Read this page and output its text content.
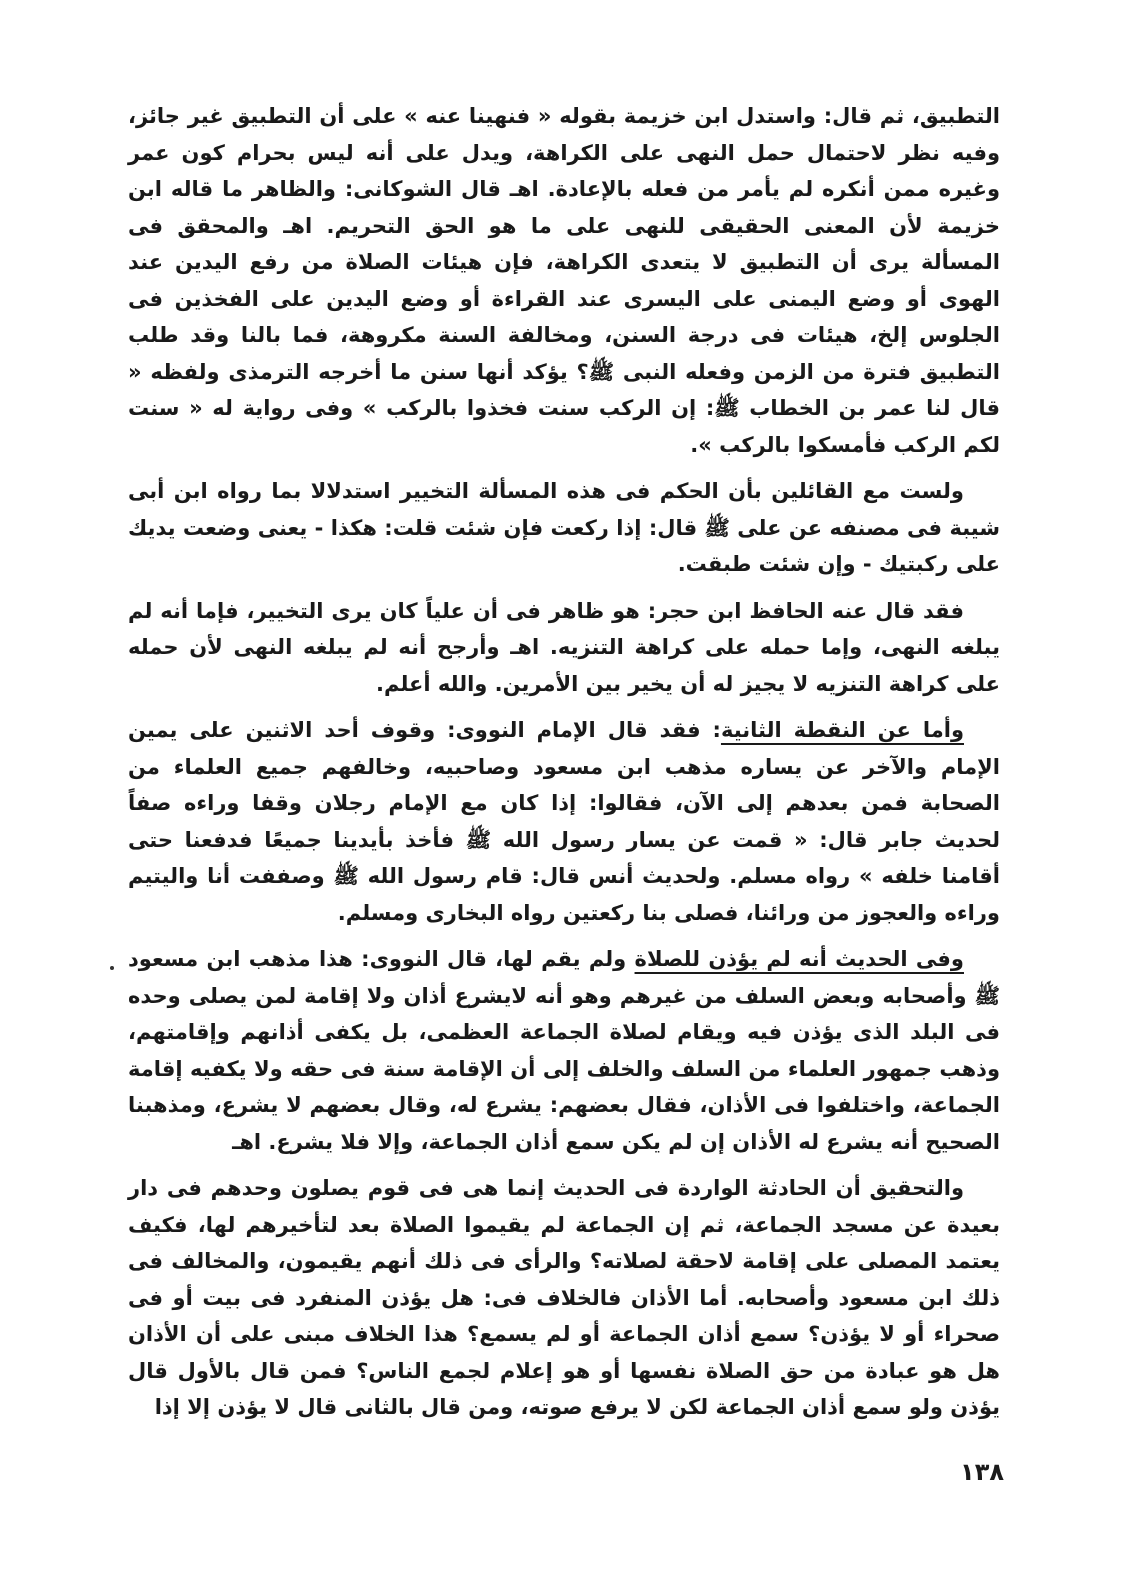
التطبيق، ثم قال: واستدل ابن خزيمة بقوله « فنهينا عنه » على أن التطبيق غير جائز، وفيه نظر لاحتمال حمل النهى على الكراهة، ويدل على أنه ليس بحرام كون عمر وغيره ممن أنكره لم يأمر من فعله بالإعادة. اهـ قال الشوكانى: والظاهر ما قاله ابن خزيمة لأن المعنى الحقيقى للنهى على ما هو الحق التحريم. اهـ والمحقق فى المسألة يرى أن التطبيق لا يتعدى الكراهة، فإن هيئات الصلاة من رفع اليدين عند الهوى أو وضع اليمنى على اليسرى عند القراءة أو وضع اليدين على الفخذين فى الجلوس إلخ، هيئات فى درجة السنن، ومخالفة السنة مكروهة، فما بالنا وقد طلب التطبيق فترة من الزمن وفعله النبى ﷺ؟ يؤكد أنها سنن ما أخرجه الترمذى ولفظه « قال لنا عمر بن الخطاب ﷺ: إن الركب سنت فخذوا بالركب » وفى رواية له « سنت لكم الركب فأمسكوا بالركب ».

ولست مع القائلين بأن الحكم فى هذه المسألة التخيير استدلالا بما رواه ابن أبى شيبة فى مصنفه عن على ﷺ قال: إذا ركعت فإن شئت قلت: هكذا - يعنى وضعت يديك على ركبتيك - وإن شئت طبقت.

فقد قال عنه الحافظ ابن حجر: هو ظاهر فى أن علياً كان يرى التخيير، فإما أنه لم يبلغه النهى، وإما حمله على كراهة التنزيه. اهـ وأرجح أنه لم يبلغه النهى لأن حمله على كراهة التنزيه لا يجيز له أن يخير بين الأمرين. والله أعلم.

وأما عن النقطة الثانية: فقد قال الإمام النووى: وقوف أحد الاثنين على يمين الإمام والآخر عن يساره مذهب ابن مسعود وصاحبيه، وخالفهم جميع العلماء من الصحابة فمن بعدهم إلى الآن، فقالوا: إذا كان مع الإمام رجلان وقفا وراءه صفاً لحديث جابر قال: « قمت عن يسار رسول الله ﷺ فأخذ بأيدينا جميعًا فدفعنا حتى أقامنا خلفه » رواه مسلم. ولحديث أنس قال: قام رسول الله ﷺ وصففت أنا واليتيم وراءه والعجوز من ورائنا، فصلى بنا ركعتين رواه البخارى ومسلم.

وفى الحديث أنه لم يؤذن للصلاة ولم يقم لها، قال النووى: هذا مذهب ابن مسعود ﷺ وأصحابه وبعض السلف من غيرهم وهو أنه لايشرع أذان ولا إقامة لمن يصلى وحده فى البلد الذى يؤذن فيه ويقام لصلاة الجماعة العظمى، بل يكفى أذانهم وإقامتهم، وذهب جمهور العلماء من السلف والخلف إلى أن الإقامة سنة فى حقه ولا يكفيه إقامة الجماعة، واختلفوا فى الأذان، فقال بعضهم: يشرع له، وقال بعضهم لا يشرع، ومذهبنا الصحيح أنه يشرع له الأذان إن لم يكن سمع أذان الجماعة، وإلا فلا يشرع. اهـ

والتحقيق أن الحادثة الواردة فى الحديث إنما هى فى قوم يصلون وحدهم فى دار بعيدة عن مسجد الجماعة، ثم إن الجماعة لم يقيموا الصلاة بعد لتأخيرهم لها، فكيف يعتمد المصلى على إقامة لاحقة لصلاته؟ والرأى فى ذلك أنهم يقيمون، والمخالف فى ذلك ابن مسعود وأصحابه. أما الأذان فالخلاف فى: هل يؤذن المنفرد فى بيت أو فى صحراء أو لا يؤذن؟ سمع أذان الجماعة أو لم يسمع؟ هذا الخلاف مبنى على أن الأذان هل هو عبادة من حق الصلاة نفسها أو هو إعلام لجمع الناس؟ فمن قال بالأول قال يؤذن ولو سمع أذان الجماعة لكن لا يرفع صوته، ومن قال بالثانى قال لا يؤذن إلا إذا

١٣٨
